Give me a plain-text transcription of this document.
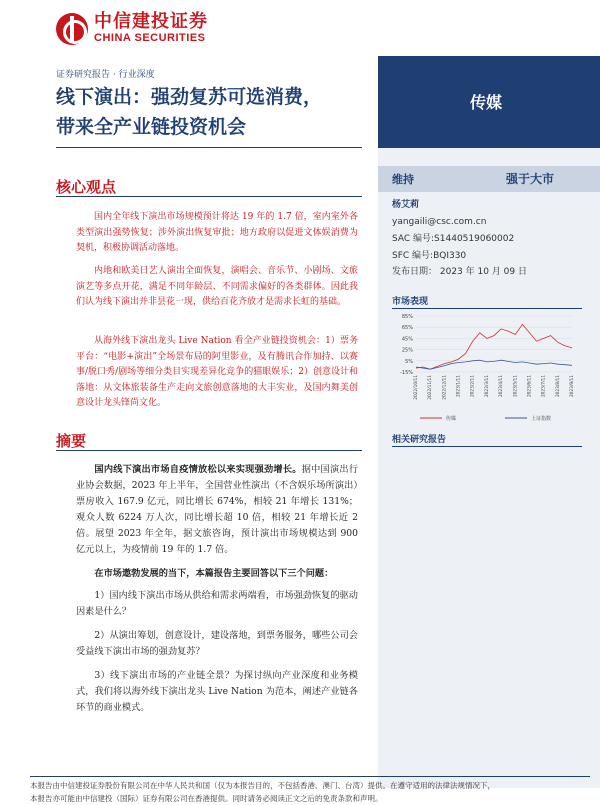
中信建投证券
CHINA SECURITIES
证券研究报告 · 行业深度
线下演出：强劲复苏可选消费，
带来全产业链投资机会
传媒
维持	强于大市
杨艾莉
yangaili@csc.com.cn
SAC 编号:S1440519060002
SFC 编号:BQI330
发布日期： 2023 年 10 月 09 日
市场表现
85%
65%
45%
25%
5%
-15%
2022/10/11 2022/11/11 2022/12/11 2023/1/11 2023/2/11 2023/3/11 2023/4/11 2023/5/11 2023/6/11 2023/7/11 2023/8/11 2023/9/11
传媒	上证指数
相关研究报告
核心观点
国内全年线下演出市场规模预计将达 19 年的 1.7 倍，室内室外各类型演出强势恢复；涉外演出恢复审批；地方政府以促进文体娱消费为契机，积极协调活动落地。
内地和欧美日艺人演出全面恢复，演唱会、音乐节、小剧场、文旅演艺等多点开花，满足不同年龄层、不同需求偏好的各类群体。因此我们认为线下演出并非昙花一现，供给百花齐放才是需求长虹的基础。
从海外线下演出龙头 Live Nation 看全产业链投资机会：1）票务平台：“电影+演出”全场景布局的阿里影业，及有腾讯合作加持、以赛事/脱口秀/剧场等细分类目实现差异化竞争的猫眼娱乐；2）创意设计和落地：从文体旅装备生产走向文旅创意落地的大丰实业，及国内舞美创意设计龙头锋尚文化。
摘要
国内线下演出市场自疫情放松以来实现强劲增长。据中国演出行业协会数据，2023 年上半年，全国营业性演出（不含娱乐场所演出）票房收入 167.9 亿元，同比增长 674%，相较 21 年增长 131%；观众人数 6224 万人次，同比增长超 10 倍，相较 21 年增长近 2 倍。展望 2023 年全年，据文旅咨询，预计演出市场规模达到 900 亿元以上，为疫情前 19 年的 1.7 倍。
在市场遨勃发展的当下，本篇报告主要回答以下三个问题：
1）国内线下演出市场从供给和需求两端看，市场强劲恢复的驱动因素是什么？
2）从演出筹划，创意设计，建设落地，到票务服务，哪些公司会受益线下演出市场的强劲复苏？
3）线下演出市场的产业链全景？为探讨纵向产业深度和业务模式，我们将以海外线下演出龙头 Live Nation 为范本，阐述产业链各环节的商业模式。
本报告由中信建投证券股份有限公司在中华人民共和国（仅为本报告目的，不包括香港、澳门、台湾）提供。在遵守适用的法律法规情况下，
本报告亦可能由中信建投（国际）证券有限公司在香港提供。同时请务必阅读正文之后的免责条款和声明。
